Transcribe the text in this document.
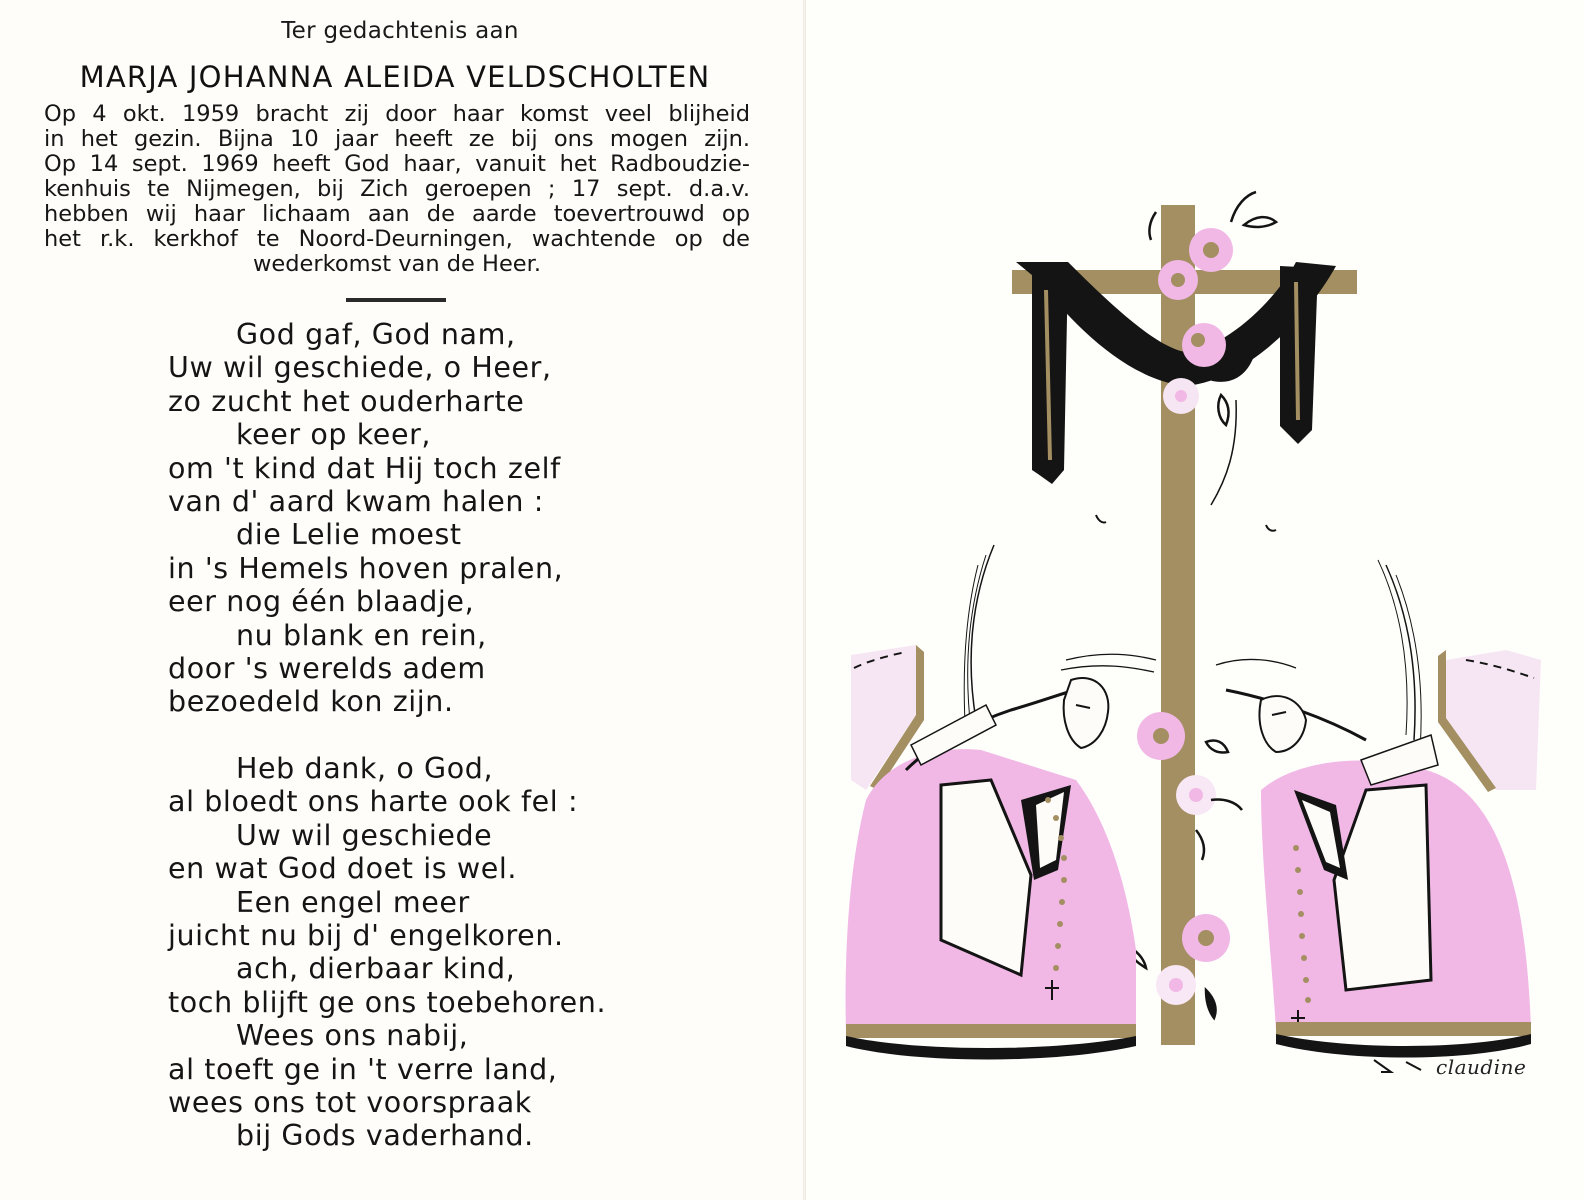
Ter gedachtenis aan
MARJA JOHANNA ALEIDA VELDSCHOLTEN
Op 4 okt. 1959 bracht zij door haar komst veel blijheid
in het gezin. Bijna 10 jaar heeft ze bij ons mogen zijn.
Op 14 sept. 1969 heeft God haar, vanuit het Radboudzie-
kenhuis te Nijmegen, bij Zich geroepen ; 17 sept. d.a.v.
hebben wij haar lichaam aan de aarde toevertrouwd op
het r.k. kerkhof te Noord-Deurningen, wachtende op de
wederkomst van de Heer.
God gaf, God nam,
Uw wil geschiede, o Heer,
zo zucht het ouderharte
keer op keer,
om 't kind dat Hij toch zelf
van d' aard kwam halen :
die Lelie moest
in 's Hemels hoven pralen,
eer nog één blaadje,
nu blank en rein,
door 's werelds adem
bezoedeld kon zijn.
Heb dank, o God,
al bloedt ons harte ook fel :
Uw wil geschiede
en wat God doet is wel.
Een engel meer
juicht nu bij d' engelkoren.
ach, dierbaar kind,
toch blijft ge ons toebehoren.
Wees ons nabij,
al toeft ge in 't verre land,
wees ons tot voorspraak
bij Gods vaderhand.
claudine
